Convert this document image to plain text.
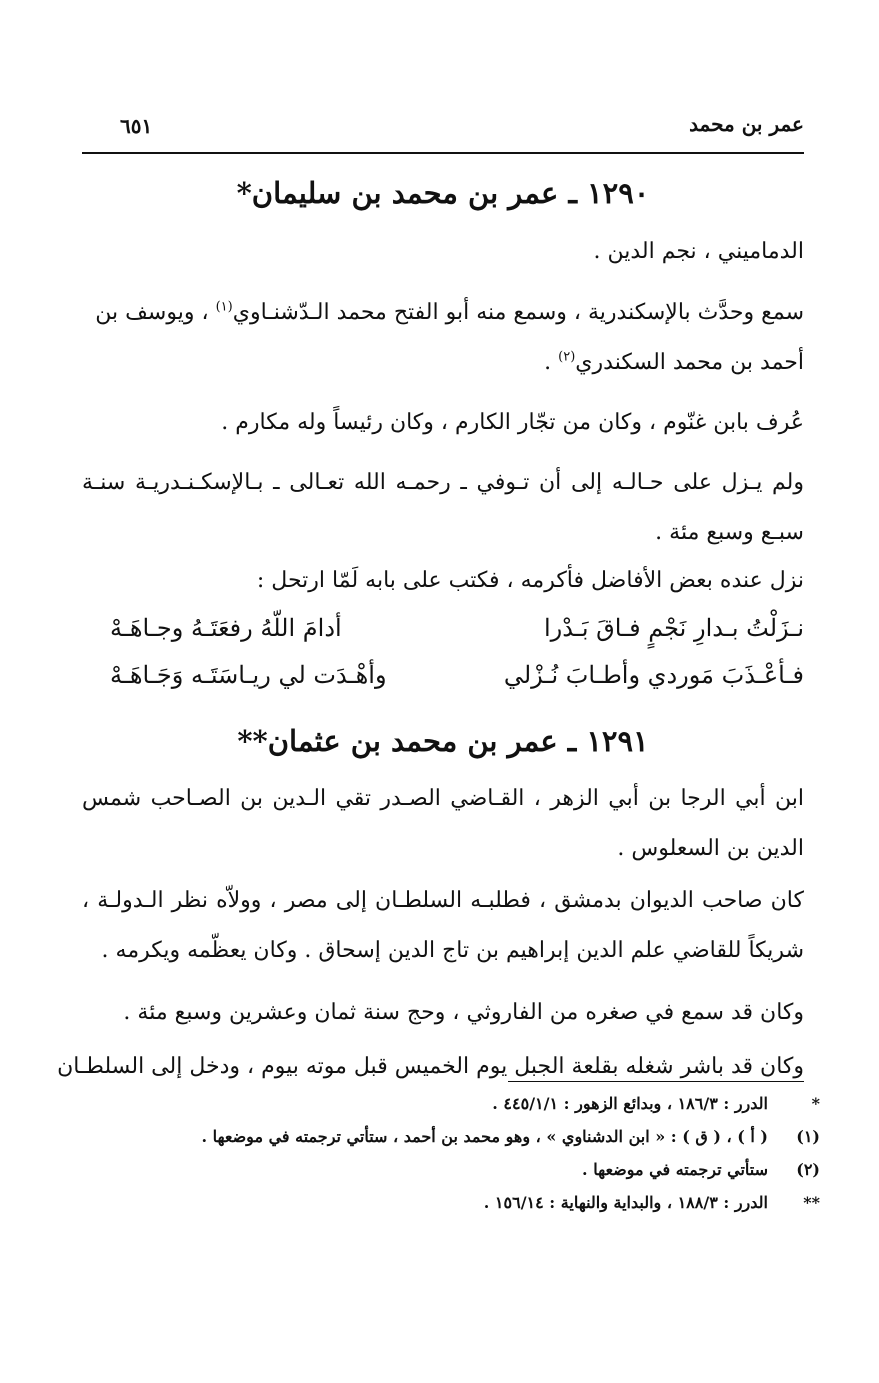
عمر بن محمد
٦٥١
١٢٩٠ ـ عمر بن محمد بن سليمان*
الدماميني ، نجم الدين .
سمع وحدَّث بالإسكندرية ، وسمع منه أبو الفتح محمد الـدّشنـاوي$^{(١)}$ ، ويوسف بن
أحمد بن محمد السكندري$^{(٢)}$ .
عُرف بابن غنّوم ، وكان من تجّار الكارم ، وكان رئيساً وله مكارم .
ولم يـزل على حـالـه إلى أن تـوفي ـ رحمـه الله تعـالى ـ بـالإسكـنـدريـة سنـة سبـع وسبع مئة .
نزل عنده بعض الأفاضل فأكرمه ، فكتب على بابه لَمّا ارتحل :
نـزَلْتُ بـدارِ نَجْمٍ فـاقَ بَـدْرا
أدامَ اللّهُ رفعَتَـهُ وجـاهَـهْ
فـأعْـذَبَ مَوردي وأطـابَ نُـزْلي
وأهْـدَت لي ريـاسَتَـه وَجَـاهَـهْ
١٢٩١ ـ عمر بن محمد بن عثمان**
ابن أبي الرجا بن أبي الزهر ، القـاضي الصـدر تقي الـدين بن الصـاحب شمس الدين بن السعلوس .
كان صاحب الديوان بدمشق ، فطلبـه السلطـان إلى مصر ، وولاّه نظر الـدولـة ، شريكاً للقاضي علم الدين إبراهيم بن تاج الدين إسحاق . وكان يعظّمه ويكرمه .
وكان قد سمع في صغره من الفاروثي ، وحج سنة ثمان وعشرين وسبع مئة .
وكان قد باشر شغله بقلعة الجبل يوم الخميس قبل موته بيوم ، ودخل إلى السلطـان
*
الدرر : ١٨٦/٣ ، وبدائع الزهور : ٤٤٥/١/١ .
(١)
( أ ) ، ( ق ) : « ابن الدشناوي » ، وهو محمد بن أحمد ، ستأتي ترجمته في موضعها .
(٢)
ستأتي ترجمته في موضعها .
**
الدرر : ١٨٨/٣ ، والبداية والنهاية : ١٥٦/١٤ .
